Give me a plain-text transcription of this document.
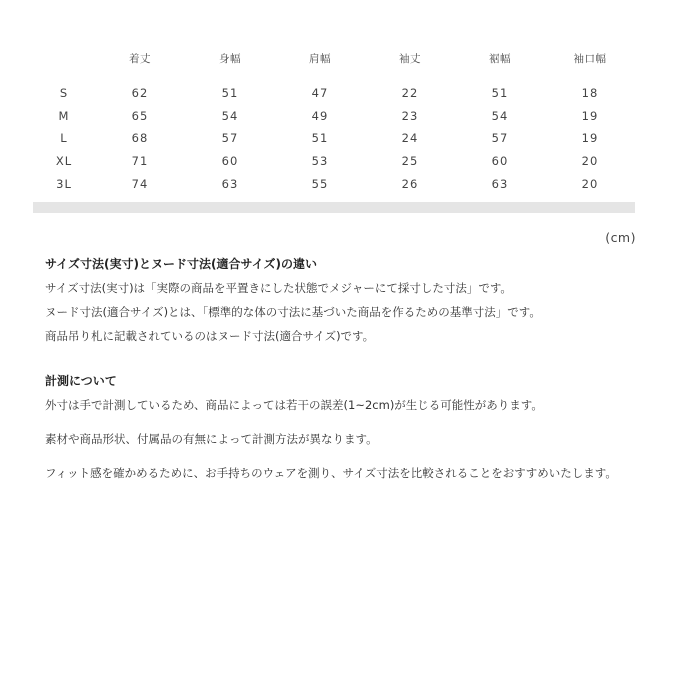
	着丈	身幅	肩幅	袖丈	裾幅	袖口幅

S	62	51	47	22	51	18
M	65	54	49	23	54	19
L	68	57	51	24	57	19
XL	71	60	53	25	60	20
3L	74	63	55	26	63	20
(cm)
サイズ寸法(実寸)とヌード寸法(適合サイズ)の違い
サイズ寸法(実寸)は「実際の商品を平置きにした状態でメジャーにて採寸した寸法」です。
ヌード寸法(適合サイズ)とは、「標準的な体の寸法に基づいた商品を作るための基準寸法」です。
商品吊り札に記載されているのはヌード寸法(適合サイズ)です。
計測について
外寸は手で計測しているため、商品によっては若干の誤差(1~2cm)が生じる可能性があります。
素材や商品形状、付属品の有無によって計測方法が異なります。
フィット感を確かめるために、お手持ちのウェアを測り、サイズ寸法を比較されることをおすすめいたします。
